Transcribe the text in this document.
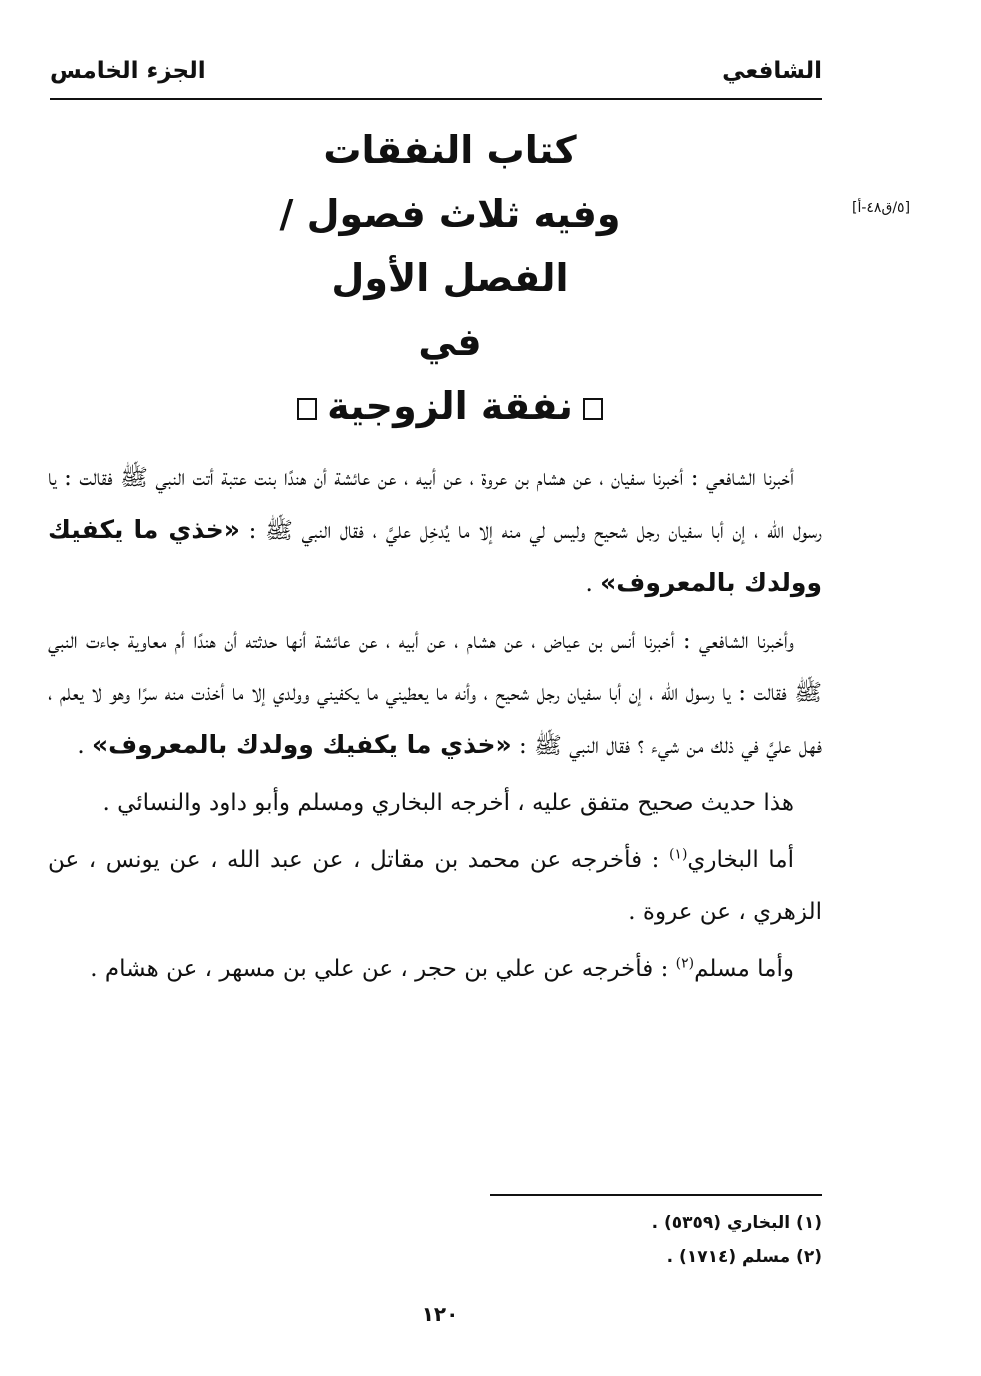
الشافعي
الجزء الخامس
[٥/ق٤٨-أ]
كتاب النفقات
وفيه ثلاث فصول /
الفصل الأول
في
نفقة الزوجية

أخبرنا الشافعي : أخبرنا سفيان ، عن هشام بن عروة ، عن أبيه ، عن عائشة أن هندًا بنت عتبة أتت النبي ﷺ فقالت : يا رسول الله ، إن أبا سفيان رجل شحيح وليس لي منه إلا ما يُدخِل عليَّ ، فقال النبي ﷺ : «خذي ما يكفيك وولدك بالمعروف» .

وأخبرنا الشافعي : أخبرنا أنس بن عياض ، عن هشام ، عن أبيه ، عن عائشة أنها حدثته أن هندًا أم معاوية جاءت النبي ﷺ فقالت : يا رسول الله ، إن أبا سفيان رجل شحيح ، وأنه ما يعطيني ما يكفيني وولدي إلا ما أخذت منه سرًا وهو لا يعلم ، فهل عليَّ في ذلك من شيء ؟ فقال النبي ﷺ : «خذي ما يكفيك وولدك بالمعروف» .

هذا حديث صحيح متفق عليه ، أخرجه البخاري ومسلم وأبو داود والنسائي .

أما البخاري$^{(١)}$ : فأخرجه عن محمد بن مقاتل ، عن عبد الله ، عن يونس ، عن الزهري ، عن عروة .

وأما مسلم$^{(٢)}$ : فأخرجه عن علي بن حجر ، عن علي بن مسهر ، عن هشام .

(١) البخاري (٥٣٥٩) .
(٢) مسلم (١٧١٤) .
١٢٠
